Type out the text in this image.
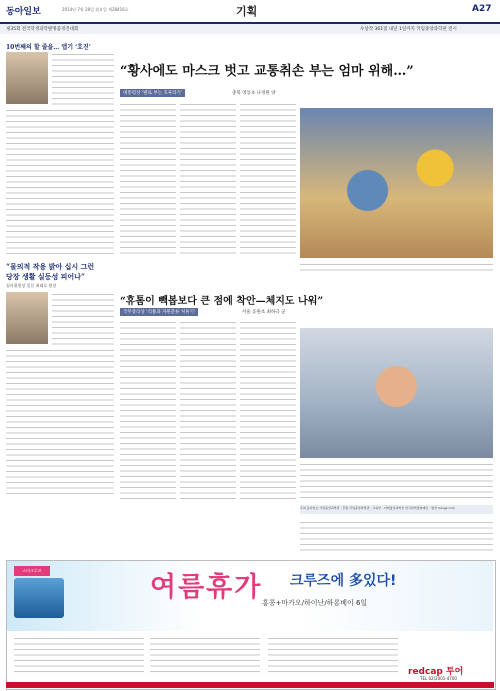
동아일보	2014년 7월 28일 월요일 제28416호	기획	A27
제35회 전국학생과학발명품경진대회	수상작 361점 내달 1일까지 국립중앙과학관 전시
10번째의 할 줄을… 앱기 ‘호진’
“물의적 작용 밝아 십시 그런
당장 생활 실등성 피어나”
심사위원장 일문 최태호 원장
“황사에도 마스크 벗고 교통취손 부는 엄마 위해…”
대통령상 ‘발로 부는 호루라기’	충북 영동초 나경원 양
“휴톰이 빽봅보다 큰 점에 착안—체지도 나워”
국무총리상 ‘리튬과 자원분류 처류기’	서울 동원초 최하극 군
주최 동아일보 국립중앙과학관 · 후원 국립중앙과학관 · 교육부 · 미래창조과학부 한국과학창의재단 · 협찬 donga.com
스타크루즈
여름휴가 크루즈에 多있다!
홍콩+마카오/하이난/하롱베이 6일
redcap 투어
TEL 02)2001-4700
